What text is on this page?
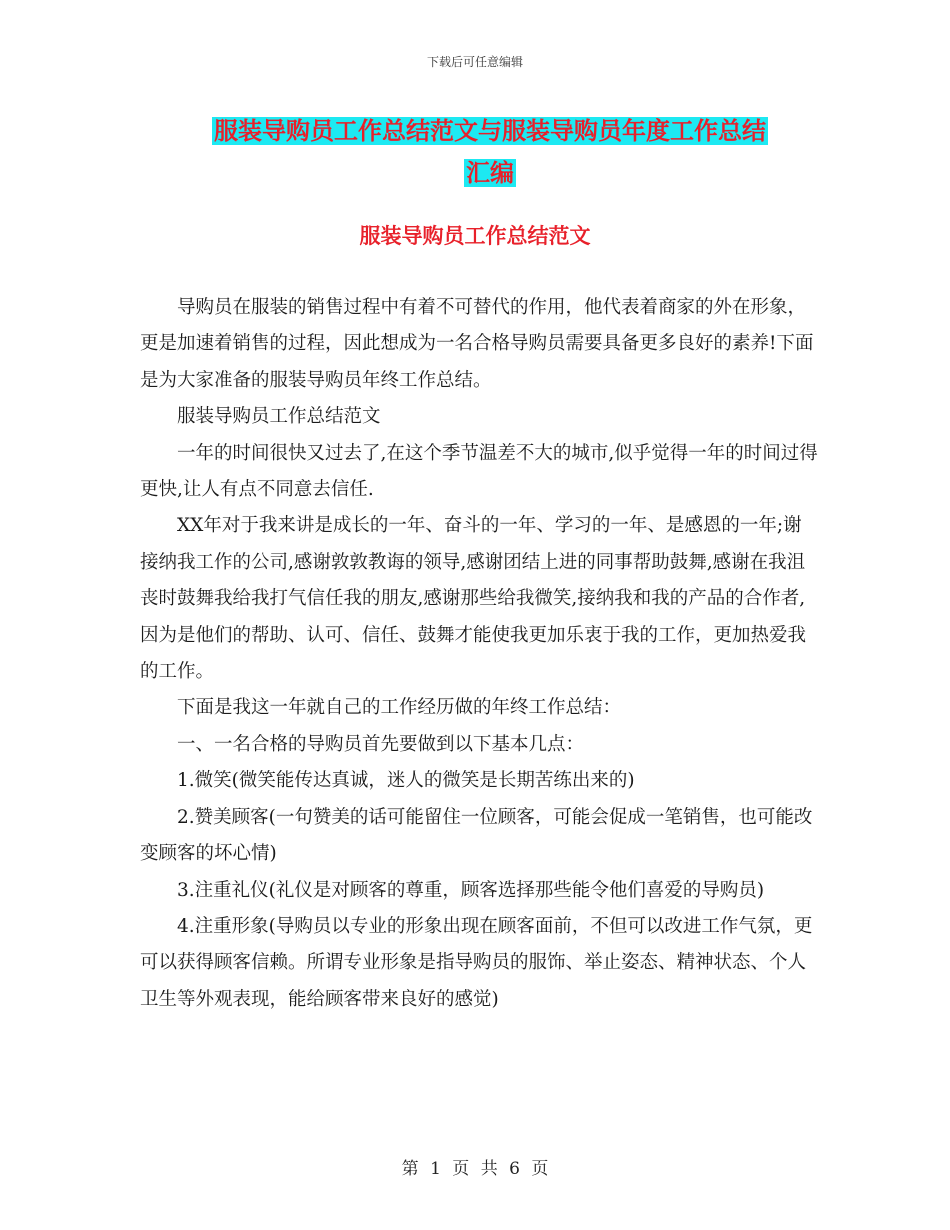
下载后可任意编辑
服装导购员工作总结范文与服装导购员年度工作总结
汇编
服装导购员工作总结范文

导购员在服装的销售过程中有着不可替代的作用，他代表着商家的外在形象，更是加速着销售的过程，因此想成为一名合格导购员需要具备更多良好的素养!下面是为大家准备的服装导购员年终工作总结。

服装导购员工作总结范文

一年的时间很快又过去了,在这个季节温差不大的城市,似乎觉得一年的时间过得更快,让人有点不同意去信任.

XX年对于我来讲是成长的一年、奋斗的一年、学习的一年、是感恩的一年;谢接纳我工作的公司,感谢敦敦教诲的领导,感谢团结上进的同事帮助鼓舞,感谢在我沮丧时鼓舞我给我打气信任我的朋友,感谢那些给我微笑,接纳我和我的产品的合作者,因为是他们的帮助、认可、信任、鼓舞才能使我更加乐衷于我的工作，更加热爱我的工作。

下面是我这一年就自己的工作经历做的年终工作总结：

一、一名合格的导购员首先要做到以下基本几点：

1.微笑(微笑能传达真诚，迷人的微笑是长期苦练出来的)

2.赞美顾客(一句赞美的话可能留住一位顾客，可能会促成一笔销售，也可能改变顾客的坏心情)

3.注重礼仪(礼仪是对顾客的尊重，顾客选择那些能令他们喜爱的导购员)

4.注重形象(导购员以专业的形象出现在顾客面前，不但可以改进工作气氛，更可以获得顾客信赖。所谓专业形象是指导购员的服饰、举止姿态、精神状态、个人卫生等外观表现，能给顾客带来良好的感觉)

第 1 页 共 6 页
